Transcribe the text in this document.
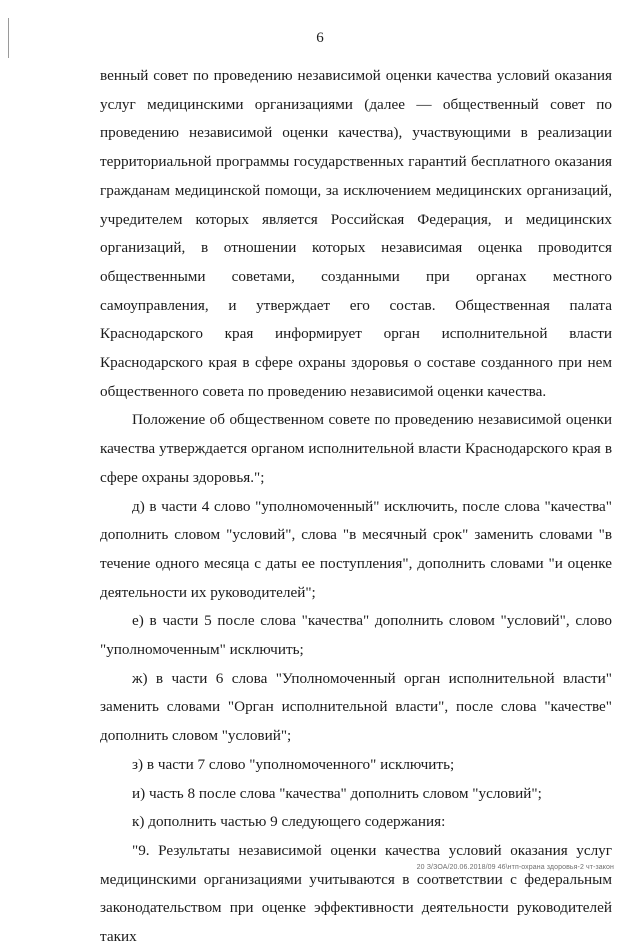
6

венный совет по проведению независимой оценки качества условий оказания услуг медицинскими организациями (далее — общественный совет по проведению независимой оценки качества), участвующими в реализации территориальной программы государственных гарантий бесплатного оказания гражданам медицинской помощи, за исключением медицинских организаций, учредителем которых является Российская Федерация, и медицинских организаций, в отношении которых независимая оценка проводится общественными советами, созданными при органах местного самоуправления, и утверждает его состав. Общественная палата Краснодарского края информирует орган исполнительной власти Краснодарского края в сфере охраны здоровья о составе созданного при нем общественного совета по проведению независимой оценки качества.

Положение об общественном совете по проведению независимой оценки качества утверждается органом исполнительной власти Краснодарского края в сфере охраны здоровья.";

д) в части 4 слово "уполномоченный" исключить, после слова "качества" дополнить словом "условий", слова "в месячный срок" заменить словами "в течение одного месяца с даты ее поступления", дополнить словами "и оценке деятельности их руководителей";

е) в части 5 после слова "качества" дополнить словом "условий", слово "уполномоченным" исключить;

ж) в части 6 слова "Уполномоченный орган исполнительной власти" заменить словами "Орган исполнительной власти", после слова "качестве" дополнить словом "условий";

з) в части 7 слово "уполномоченного" исключить;

и) часть 8 после слова "качества" дополнить словом "условий";

к) дополнить частью 9 следующего содержания:

"9. Результаты независимой оценки качества условий оказания услуг медицинскими организациями учитываются в соответствии с федеральным законодательством при оценке эффективности деятельности руководителей таких

20 З/ЗОА/20.06.2018/09 46\нтп-охрана здоровья-2 чт-закон
